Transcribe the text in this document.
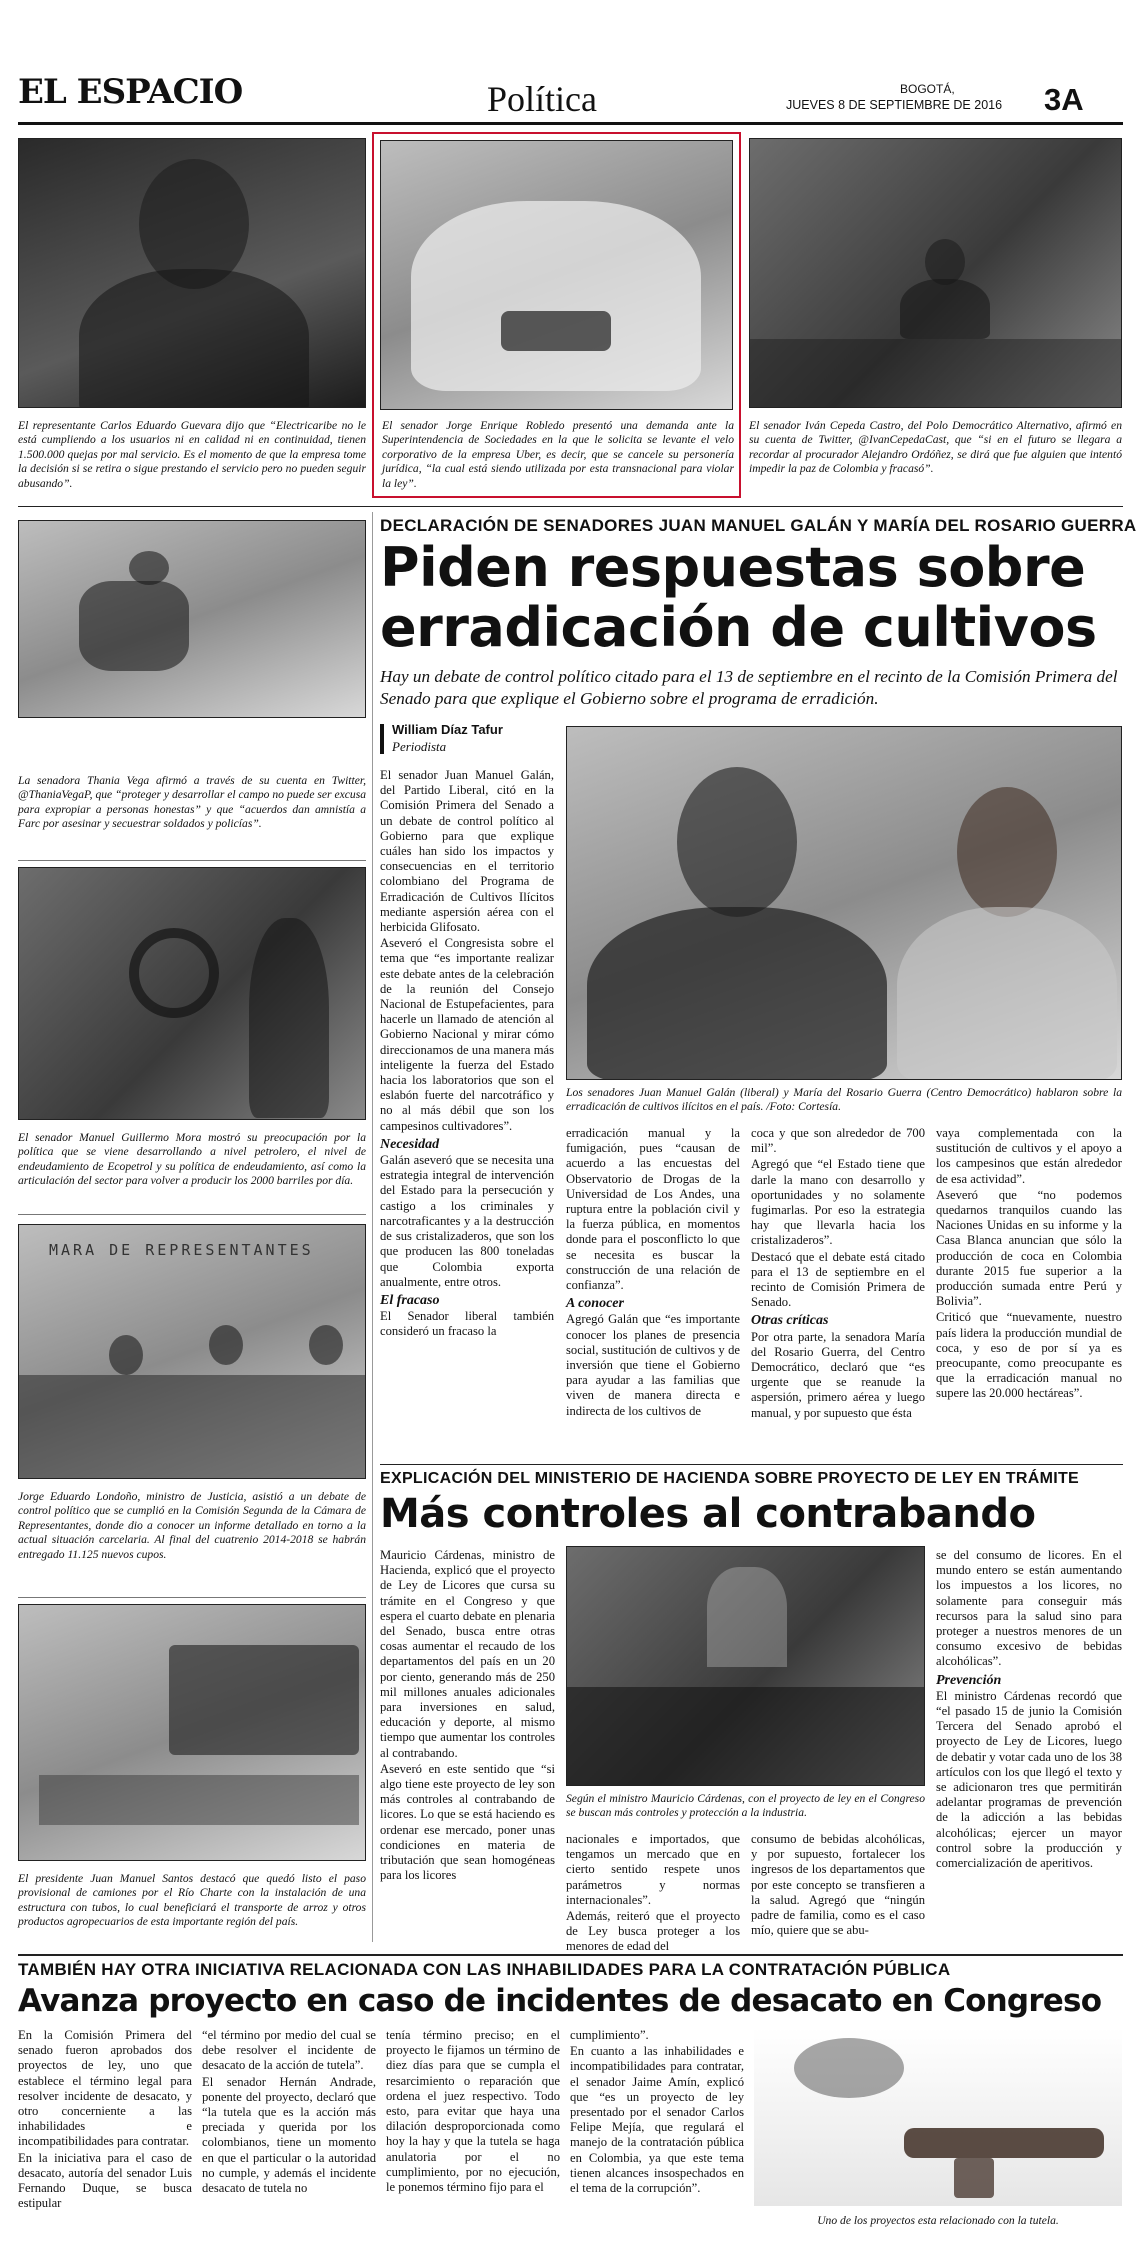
EL ESPACIO	Política	BOGOTÁ,
JUEVES 8 DE SEPTIEMBRE DE 2016 3A
El representante Carlos Eduardo Guevara dijo que “Electricaribe no le está cumpliendo a los usuarios ni en calidad ni en continuidad, tienen 1.500.000 quejas por mal servicio. Es el momento de que la empresa tome la decisión si se retira o sigue prestando el servicio pero no pueden seguir abusando”.
El senador Jorge Enrique Robledo presentó una demanda ante la Superintendencia de Sociedades en la que le solicita se levante el velo corporativo de la empresa Uber, es decir, que se cancele su personería jurídica, “la cual está siendo utilizada por esta transnacional para violar la ley”.
El senador Iván Cepeda Castro, del Polo Democrático Alternativo, afirmó en su cuenta de Twitter, @IvanCepedaCast, que “si en el futuro se llegara a recordar al procurador Alejandro Ordóñez, se dirá que fue alguien que intentó impedir la paz de Colombia y fracasó”.
La senadora Thania Vega afirmó a través de su cuenta en Twitter, @ThaniaVegaP, que “proteger y desarrollar el campo no puede ser excusa para expropiar a personas honestas” y que “acuerdos dan amnistía a Farc por asesinar y secuestrar soldados y policías”.
El senador Manuel Guillermo Mora mostró su preocupación por la política que se viene desarrollando a nivel petrolero, el nivel de endeudamiento de Ecopetrol y su política de endeudamiento, así como la articulación del sector para volver a producir los 2000 barriles por día.
MARA DE REPRESENTANTES
Jorge Eduardo Londoño, ministro de Justicia, asistió a un debate de control político que se cumplió en la Comisión Segunda de la Cámara de Representantes, donde dio a conocer un informe detallado en torno a la actual situación carcelaria. Al final del cuatrenio 2014-2018 se habrán entregado 11.125 nuevos cupos.
El presidente Juan Manuel Santos destacó que quedó listo el paso provisional de camiones por el Río Charte con la instalación de una estructura con tubos, lo cual beneficiará el transporte de arroz y otros productos agropecuarios de esta importante región del país.
DECLARACIÓN DE SENADORES JUAN MANUEL GALÁN Y MARÍA DEL ROSARIO GUERRA
Piden respuestas sobre
erradicación de cultivos
Hay un debate de control político citado para el 13 de septiembre en el recinto de la Comisión Primera del Senado para que explique el Gobierno sobre el programa de erradición.
William Díaz Tafur
Periodista

El senador Juan Manuel Galán, del Partido Liberal, citó en la Comisión Primera del Senado a un debate de control político al Gobierno para que explique cuáles han sido los impactos y consecuencias en el territorio colombiano del Programa de Erradicación de Cultivos Ilícitos mediante aspersión aérea con el herbicida Glifosato.

Aseveró el Congresista sobre el tema que “es importante realizar este debate antes de la celebración de la reunión del Consejo Nacional de Estupefacientes, para hacerle un llamado de atención al Gobierno Nacional y mirar cómo direccionamos de una manera más inteligente la fuerza del Estado hacia los laboratorios que son el eslabón fuerte del narcotráfico y no al más débil que son los campesinos cultivadores”.

Necesidad

Galán aseveró que se necesita una estrategia integral de intervención del Estado para la persecución y castigo a los criminales y narcotraficantes y a la destrucción de sus cristalizaderos, que son los que producen las 800 toneladas que Colombia exporta anualmente, entre otros.

El fracaso

El Senador liberal también consideró un fracaso la

Los senadores Juan Manuel Galán (liberal) y María del Rosario Guerra (Centro Democrático) hablaron sobre la erradicación de cultivos ilícitos en el país. /Foto: Cortesía.

erradicación manual y la fumigación, pues “causan de acuerdo a las encuestas del Observatorio de Drogas de la Universidad de Los Andes, una ruptura entre la población civil y la fuerza pública, en momentos donde para el posconflicto lo que se necesita es buscar la construcción de una relación de confianza”.

A conocer

Agregó Galán que “es importante conocer los planes de presencia social, sustitución de cultivos y de inversión que tiene el Gobierno para ayudar a las familias que viven de manera directa e indirecta de los cultivos de

coca y que son alrededor de 700 mil”.

Agregó que “el Estado tiene que darle la mano con desarrollo y oportunidades y no solamente fugimarlas. Por eso la estrategia hay que llevarla hacia los cristalizaderos”.

Destacó que el debate está citado para el 13 de septiembre en el recinto de Comisión Primera de Senado.

Otras críticas

Por otra parte, la senadora María del Rosario Guerra, del Centro Democrático, declaró que “es urgente que se reanude la aspersión, primero aérea y luego manual, y por supuesto que ésta

vaya complementada con la sustitución de cultivos y el apoyo a los campesinos que están alrededor de esa actividad”.

Aseveró que “no podemos quedarnos tranquilos cuando las Naciones Unidas en su informe y la Casa Blanca anuncian que sólo la producción de coca en Colombia durante 2015 fue superior a la producción sumada entre Perú y Bolivia”.

Criticó que “nuevamente, nuestro país lidera la producción mundial de coca, y eso de por sí ya es preocupante, como preocupante es que la erradicación manual no supere las 20.000 hectáreas”.

EXPLICACIÓN DEL MINISTERIO DE HACIENDA SOBRE PROYECTO DE LEY EN TRÁMITE
Más controles al contrabando

Mauricio Cárdenas, ministro de Hacienda, explicó que el proyecto de Ley de Licores que cursa su trámite en el Congreso y que espera el cuarto debate en plenaria del Senado, busca entre otras cosas aumentar el recaudo de los departamentos del país en un 20 por ciento, generando más de 250 mil millones anuales adicionales para inversiones en salud, educación y deporte, al mismo tiempo que aumentar los controles al contrabando.

Aseveró en este sentido que “si algo tiene este proyecto de ley son más controles al contrabando de licores. Lo que se está haciendo es ordenar ese mercado, poner unas condiciones en materia de tributación que sean homogéneas para los licores

Según el ministro Mauricio Cárdenas, con el proyecto de ley en el Congreso se buscan más controles y protección a la industria.

nacionales e importados, que tengamos un mercado que en cierto sentido respete unos parámetros y normas internacionales”.

Además, reiteró que el proyecto de Ley busca proteger a los menores de edad del

consumo de bebidas alcohólicas, y por supuesto, fortalecer los ingresos de los departamentos que por este concepto se transfieren a la salud. Agregó que “ningún padre de familia, como es el caso mío, quiere que se abu-

se del consumo de licores. En el mundo entero se están aumentando los impuestos a los licores, no solamente para conseguir más recursos para la salud sino para proteger a nuestros menores de un consumo excesivo de bebidas alcohólicas”.

Prevención

El ministro Cárdenas recordó que “el pasado 15 de junio la Comisión Tercera del Senado aprobó el proyecto de Ley de Licores, luego de debatir y votar cada uno de los 38 artículos con los que llegó el texto y se adicionaron tres que permitirán adelantar programas de prevención de la adicción a las bebidas alcohólicas; ejercer un mayor control sobre la producción y comercialización de aperitivos.

TAMBIÉN HAY OTRA INICIATIVA RELACIONADA CON LAS INHABILIDADES PARA LA CONTRATACIÓN PÚBLICA
Avanza proyecto en caso de incidentes de desacato en Congreso

En la Comisión Primera del senado fueron aprobados dos proyectos de ley, uno que establece el término legal para resolver incidente de desacato, y otro concerniente a las inhabilidades e incompatibilidades para contratar.

En la iniciativa para el caso de desacato, autoría del senador Luis Fernando Duque, se busca estipular

“el término por medio del cual se debe resolver el incidente de desacato de la acción de tutela”.

El senador Hernán Andrade, ponente del proyecto, declaró que “la tutela que es la acción más preciada y querida por los colombianos, tiene un momento en que el particular o la autoridad no cumple, y además el incidente desacato de tutela no

tenía término preciso; en el proyecto le fijamos un término de diez días para que se cumpla el resarcimiento o reparación que ordena el juez respectivo. Todo esto, para evitar que haya una dilación desproporcionada como hoy la hay y que la tutela se haga anulatoria por el no cumplimiento, por no ejecución, le ponemos término fijo para el

cumplimiento”.

En cuanto a las inhabilidades e incompatibilidades para contratar, el senador Jaime Amín, explicó que “es un proyecto de ley presentado por el senador Carlos Felipe Mejía, que regulará el manejo de la contratación pública en Colombia, ya que este tema tienen alcances insospechados en el tema de la corrupción”.

Uno de los proyectos esta relacionado con la tutela.
